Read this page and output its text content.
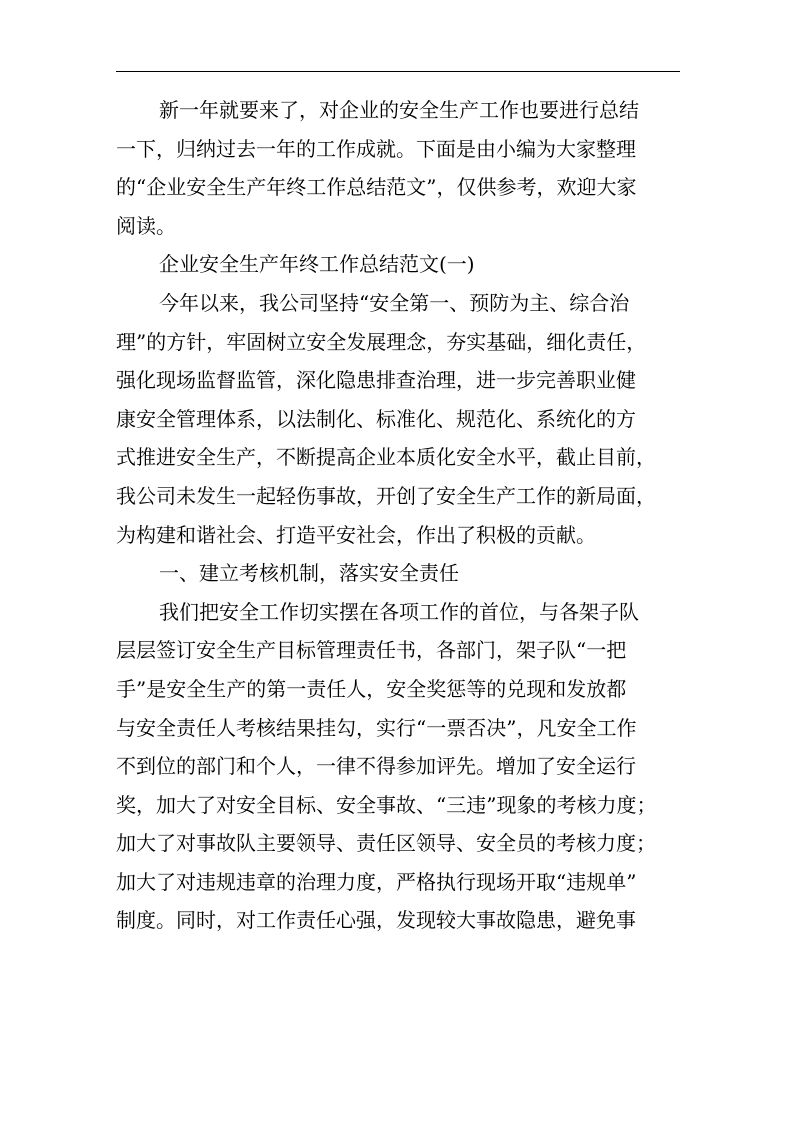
新一年就要来了，对企业的安全生产工作也要进行总结
一下，归纳过去一年的工作成就。下面是由小编为大家整理
的“企业安全生产年终工作总结范文”，仅供参考，欢迎大家
阅读。
企业安全生产年终工作总结范文(一)
今年以来，我公司坚持“安全第一、预防为主、综合治
理”的方针，牢固树立安全发展理念，夯实基础，细化责任，
强化现场监督监管，深化隐患排查治理，进一步完善职业健
康安全管理体系，以法制化、标准化、规范化、系统化的方
式推进安全生产，不断提高企业本质化安全水平，截止目前，
我公司未发生一起轻伤事故，开创了安全生产工作的新局面，
为构建和谐社会、打造平安社会，作出了积极的贡献。
一、建立考核机制，落实安全责任
我们把安全工作切实摆在各项工作的首位，与各架子队
层层签订安全生产目标管理责任书，各部门，架子队“一把
手”是安全生产的第一责任人，安全奖惩等的兑现和发放都
与安全责任人考核结果挂勾，实行“一票否决”，凡安全工作
不到位的部门和个人，一律不得参加评先。增加了安全运行
奖，加大了对安全目标、安全事故、“三违”现象的考核力度；
加大了对事故队主要领导、责任区领导、安全员的考核力度；
加大了对违规违章的治理力度，严格执行现场开取“违规单”
制度。同时，对工作责任心强，发现较大事故隐患，避免事
